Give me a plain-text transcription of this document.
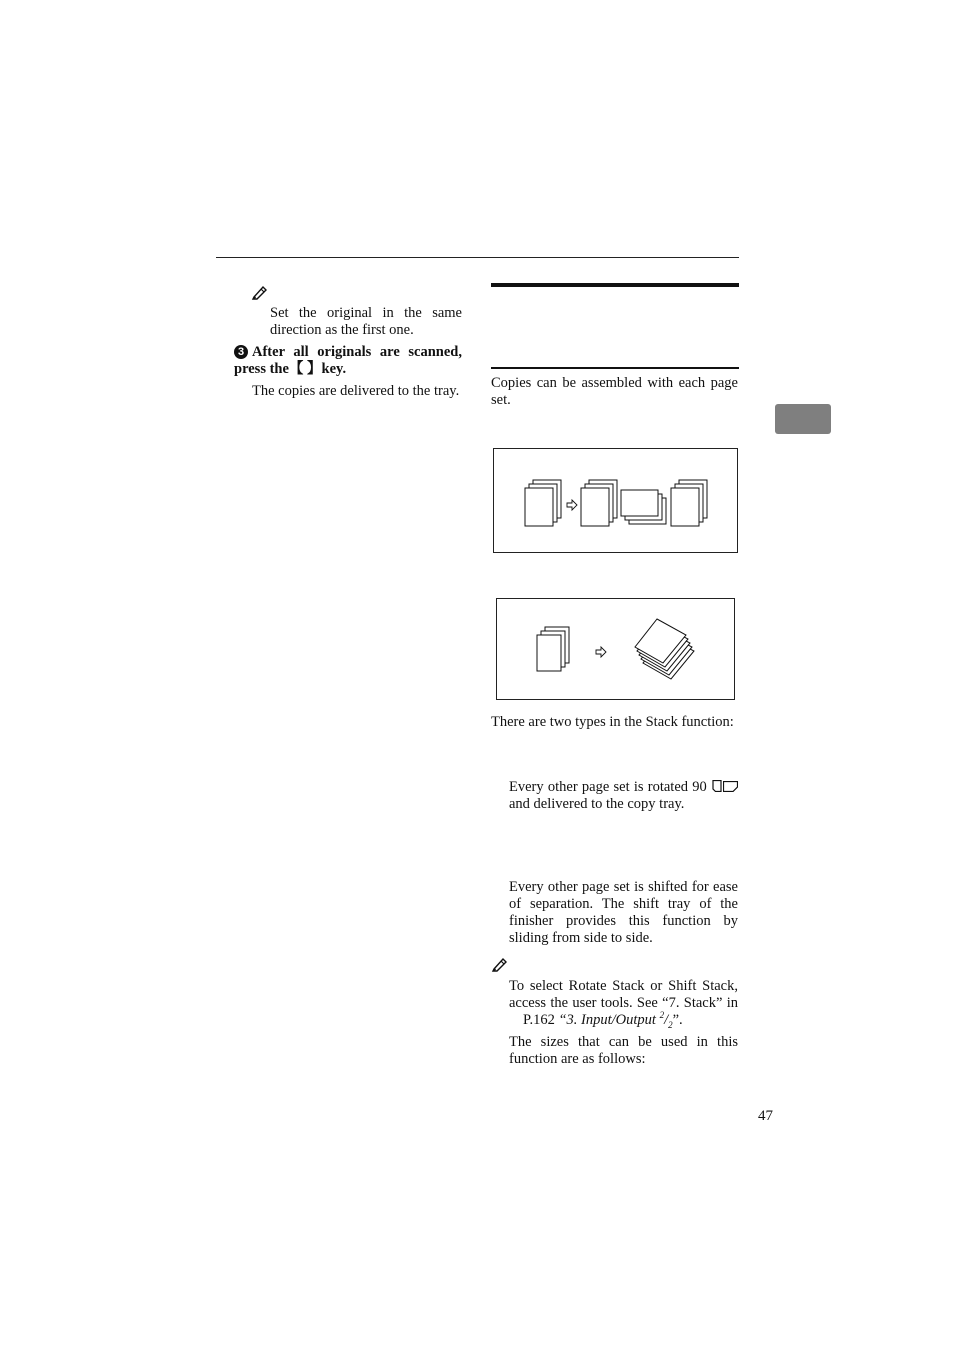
Set the original in the same direction as the first one.
3 After all originals are scanned, press the【 】key.
The copies are delivered to the tray. Copies can be assembled with each page set.
There are two types in the Stack function:
Every other page set is rotated 90  and delivered to the copy tray.
Every other page set is shifted for ease of separation. The shift tray of the finisher provides this function by sliding from side to side.
To select Rotate Stack or Shift Stack, access the user tools. See “7. Stack” in P.162 “3. Input/Output $^2/_2$”.
The sizes that can be used in this function are as follows:
47
